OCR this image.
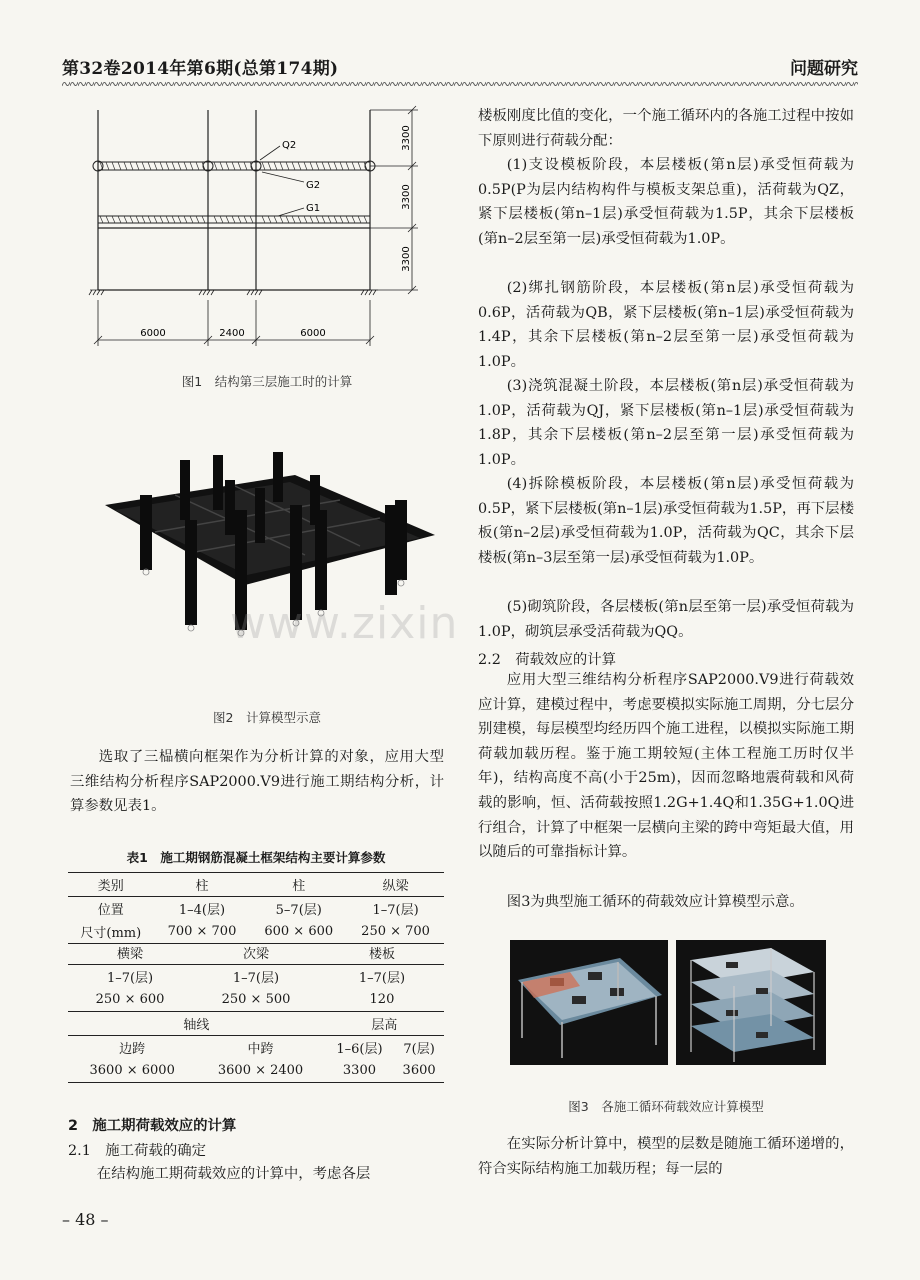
第32卷2014年第6期(总第174期)	问题研究
Q2
G2
G1
3300
3300
3300
6000	2400	6000
图1　结构第三层施工时的计算
www.zixin
图2　计算模型示意

选取了三榀横向框架作为分析计算的对象，应用大型三维结构分析程序SAP2000.V9进行施工期结构分析，计算参数见表1。

表1　施工期钢筋混凝土框架结构主要计算参数
类别	柱	柱	纵梁
位置	1–4(层)	5–7(层)	1–7(层)
尺寸(mm)	700 × 700	600 × 600	250 × 700
横梁	次梁	楼板
1–7(层)	1–7(层)	1–7(层)
250 × 600	250 × 500	120
轴线		层高	
边跨	中跨	1–6(层)	7(层)
3600 × 6000	3600 × 2400	3300	3600
2　施工期荷载效应的计算
2.1　施工荷载的确定

在结构施工期荷载效应的计算中，考虑各层

楼板刚度比值的变化，一个施工循环内的各施工过程中按如下原则进行荷载分配：

(1)支设模板阶段，本层楼板(第n层)承受恒荷载为0.5P(P为层内结构构件与模板支架总重)，活荷载为QZ，紧下层楼板(第n–1层)承受恒荷载为1.5P，其余下层楼板(第n–2层至第一层)承受恒荷载为1.0P。

(2)绑扎钢筋阶段，本层楼板(第n层)承受恒荷载为0.6P，活荷载为QB，紧下层楼板(第n–1层)承受恒荷载为1.4P，其余下层楼板(第n–2层至第一层)承受恒荷载为1.0P。

(3)浇筑混凝土阶段，本层楼板(第n层)承受恒荷载为1.0P，活荷载为QJ，紧下层楼板(第n–1层)承受恒荷载为1.8P，其余下层楼板(第n–2层至第一层)承受恒荷载为1.0P。

(4)拆除模板阶段，本层楼板(第n层)承受恒荷载为0.5P，紧下层楼板(第n–1层)承受恒荷载为1.5P，再下层楼板(第n–2层)承受恒荷载为1.0P，活荷载为QC，其余下层楼板(第n–3层至第一层)承受恒荷载为1.0P。

(5)砌筑阶段，各层楼板(第n层至第一层)承受恒荷载为1.0P，砌筑层承受活荷载为QQ。

2.2　荷载效应的计算

应用大型三维结构分析程序SAP2000.V9进行荷载效应计算，建模过程中，考虑要模拟实际施工周期，分七层分别建模，每层模型均经历四个施工进程，以模拟实际施工期荷载加载历程。鉴于施工期较短(主体工程施工历时仅半年)，结构高度不高(小于25m)，因而忽略地震荷载和风荷载的影响，恒、活荷载按照1.2G+1.4Q和1.35G+1.0Q进行组合，计算了中框架一层横向主梁的跨中弯矩最大值，用以随后的可靠指标计算。

图3为典型施工循环的荷载效应计算模型示意。

图3　各施工循环荷载效应计算模型

在实际分析计算中，模型的层数是随施工循环递增的，符合实际结构施工加载历程；每一层的

– 48 –
